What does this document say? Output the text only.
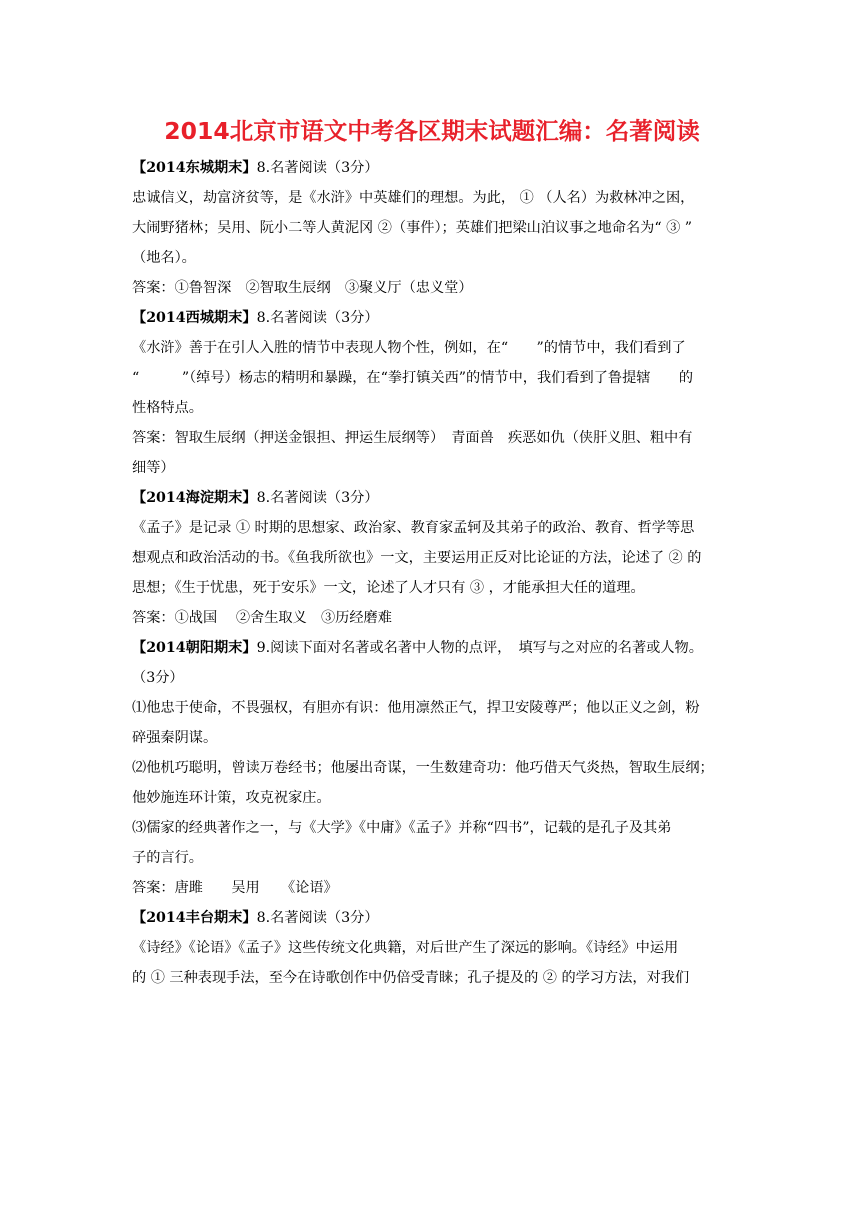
2014北京市语文中考各区期末试题汇编：名著阅读

【2014东城期末】8.名著阅读（3分）

忠诚信义，劫富济贫等，是《水浒》中英雄们的理想。为此， ① （人名）为救林冲之困，

大闹野猪林；吴用、阮小二等人黄泥冈 ②（事件）；英雄们把梁山泊议事之地命名为“ ③ ”

（地名）。

答案：①鲁智深　②智取生辰纲　③聚义厅（忠义堂）

【2014西城期末】8.名著阅读（3分）

《水浒》善于在引人入胜的情节中表现人物个性，例如，在“　　”的情节中，我们看到了

“　　　”（绰号）杨志的精明和暴躁，在“拳打镇关西”的情节中，我们看到了鲁提辖　　的

性格特点。

答案：智取生辰纲（押送金银担、押运生辰纲等）　青面兽　疾恶如仇（侠肝义胆、粗中有

细等）

【2014海淀期末】8.名著阅读（3分）

《孟子》是记录 ① 时期的思想家、政治家、教育家孟轲及其弟子的政治、教育、哲学等思

想观点和政治活动的书。《鱼我所欲也》一文，主要运用正反对比论证的方法，论述了 ② 的

思想；《生于忧患，死于安乐》一文，论述了人才只有 ③ ，才能承担大任的道理。

答案：①战国　 ②舍生取义　③历经磨难

【2014朝阳期末】9.阅读下面对名著或名著中人物的点评，　填写与之对应的名著或人物。

（3分）

⑴他忠于使命，不畏强权，有胆亦有识：他用凛然正气，捍卫安陵尊严；他以正义之剑，粉

碎强秦阴谋。

⑵他机巧聪明，曾读万卷经书；他屡出奇谋，一生数建奇功：他巧借天气炎热，智取生辰纲；

他妙施连环计策，攻克祝家庄。

⑶儒家的经典著作之一，与《大学》《中庸》《孟子》并称“四书”，记载的是孔子及其弟

子的言行。

答案：唐雎　　吴用　　《论语》

【2014丰台期末】8.名著阅读（3分）

《诗经》《论语》《孟子》这些传统文化典籍，对后世产生了深远的影响。《诗经》中运用

的 ① 三种表现手法，至今在诗歌创作中仍倍受青睐；孔子提及的 ② 的学习方法，对我们
